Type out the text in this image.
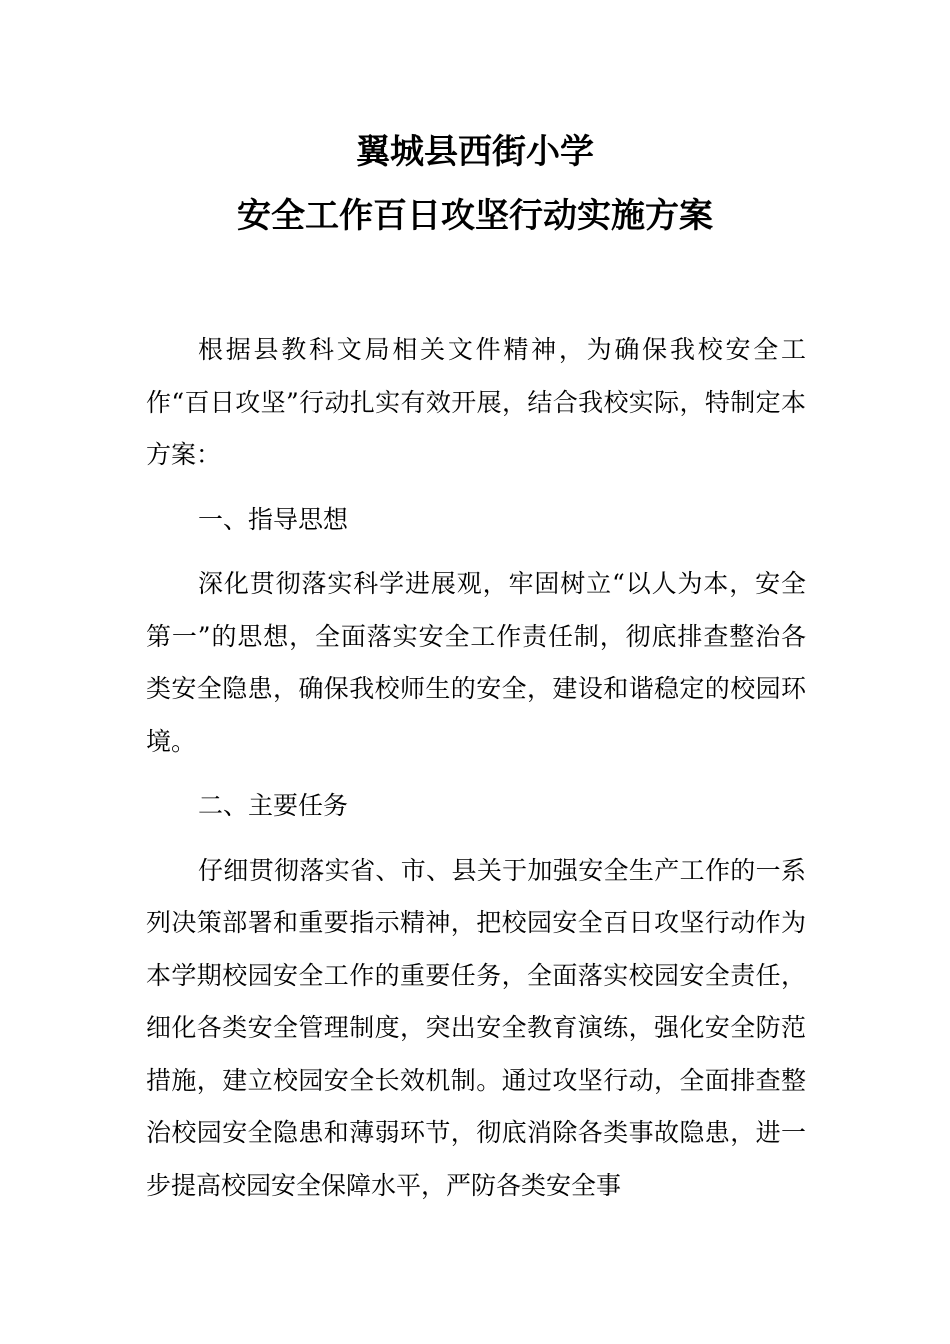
翼城县西街小学

安全工作百日攻坚行动实施方案

根据县教科文局相关文件精神，为确保我校安全工作“百日攻坚”行动扎实有效开展，结合我校实际，特制定本方案：

一、指导思想

深化贯彻落实科学进展观，牢固树立“以人为本，安全第一”的思想，全面落实安全工作责任制，彻底排查整治各类安全隐患，确保我校师生的安全，建设和谐稳定的校园环境。

二、主要任务

仔细贯彻落实省、市、县关于加强安全生产工作的一系列决策部署和重要指示精神，把校园安全百日攻坚行动作为本学期校园安全工作的重要任务，全面落实校园安全责任，细化各类安全管理制度，突出安全教育演练，强化安全防范措施，建立校园安全长效机制。通过攻坚行动，全面排查整治校园安全隐患和薄弱环节，彻底消除各类事故隐患，进一步提高校园安全保障水平，严防各类安全事
